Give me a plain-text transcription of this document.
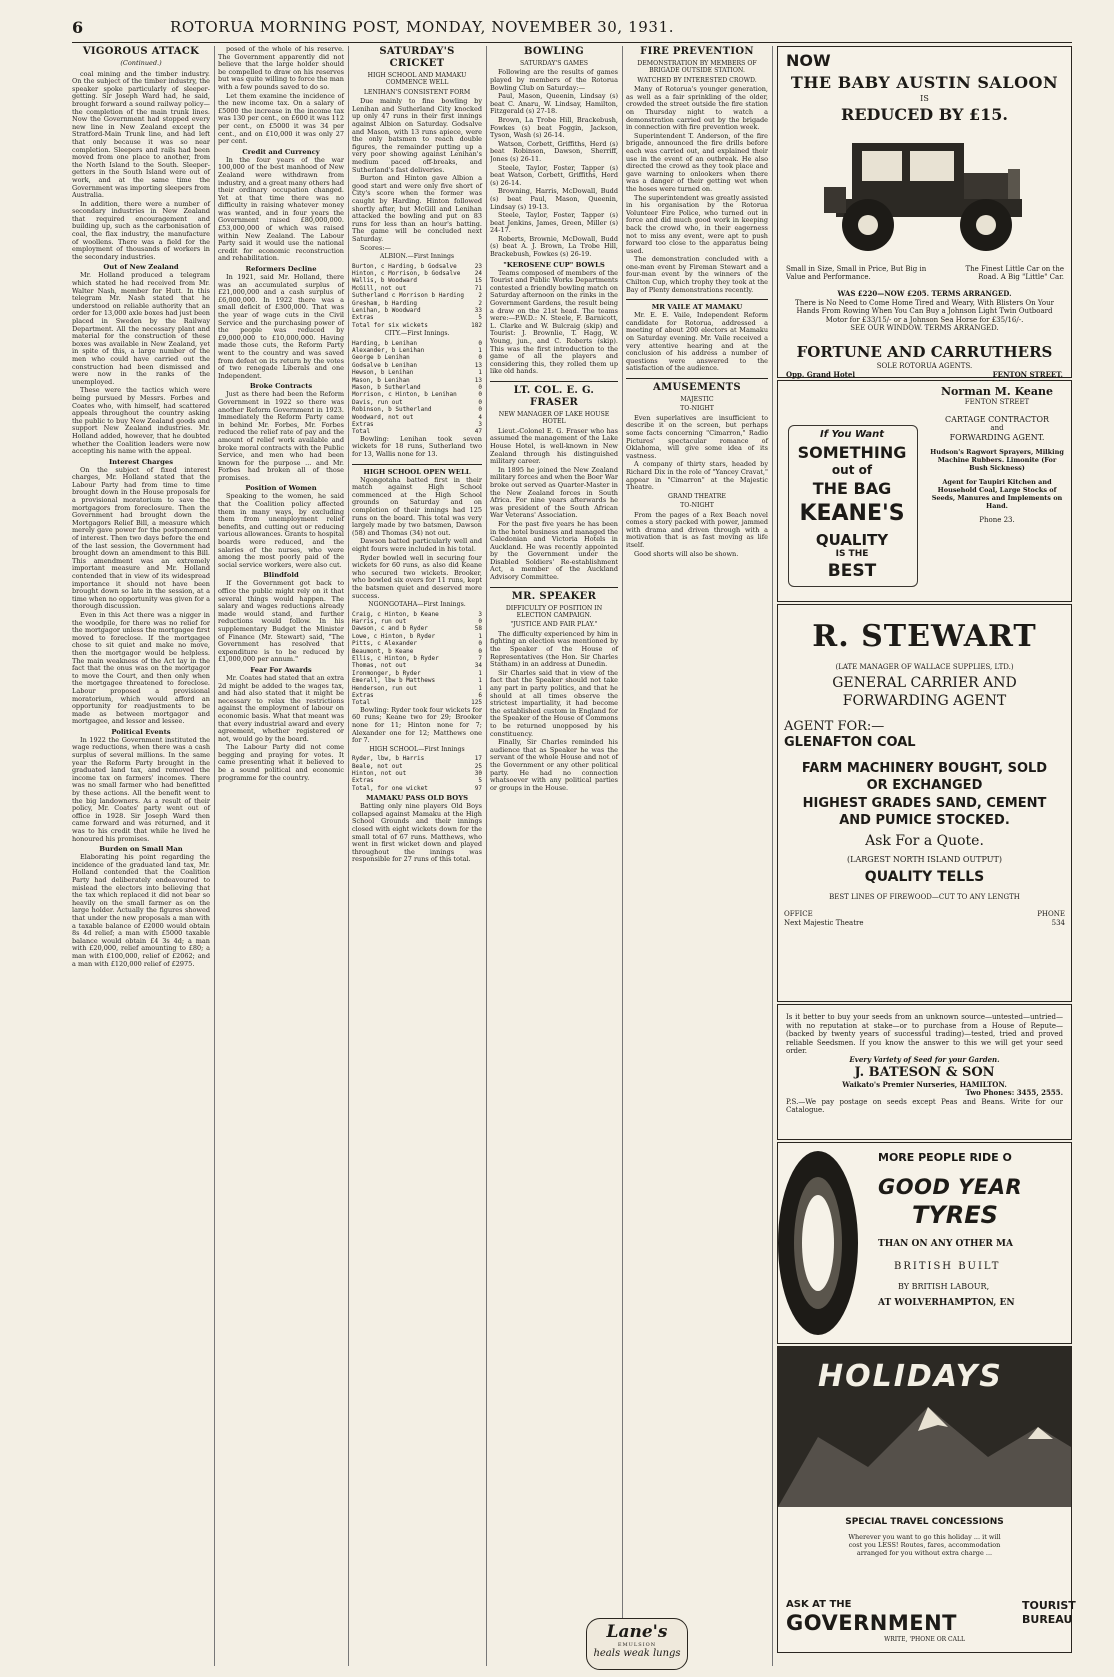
6	ROTORUA MORNING POST, MONDAY, NOVEMBER 30, 1931.
VIGOROUS ATTACK
(Continued.)

coal mining and the timber industry. On the subject of the timber industry, the speaker spoke particularly of sleeper-getting. Sir Joseph Ward had, he said, brought forward a sound railway policy—the completion of the main trunk lines. Now the Government had stopped every new line in New Zealand except the Stratford-Main Trunk line, and had left that only because it was so near completion. Sleepers and rails had been moved from one place to another, from the North Island to the South. Sleeper-getters in the South Island were out of work, and at the same time the Government was importing sleepers from Australia.

In addition, there were a number of secondary industries in New Zealand that required encouragement and building up, such as the carbonisation of coal, the flax industry, the manufacture of woollens. There was a field for the employment of thousands of workers in the secondary industries.

Out of New Zealand

Mr. Holland produced a telegram which stated he had received from Mr. Walter Nash, member for Hutt. In this telegram Mr. Nash stated that he understood on reliable authority that an order for 13,000 axle boxes had just been placed in Sweden by the Railway Department. All the necessary plant and material for the construction of these boxes was available in New Zealand, yet in spite of this, a large number of the men who could have carried out the construction had been dismissed and were now in the ranks of the unemployed.

These were the tactics which were being pursued by Messrs. Forbes and Coates who, with himself, had scattered appeals throughout the country asking the public to buy New Zealand goods and support New Zealand industries. Mr. Holland added, however, that he doubted whether the Coalition leaders were now accepting his name with the appeal.

Interest Charges

On the subject of fixed interest charges, Mr. Holland stated that the Labour Party had from time to time brought down in the House proposals for a provisional moratorium to save the mortgagors from foreclosure. Then the Government had brought down the Mortgagors Relief Bill, a measure which merely gave power for the postponement of interest. Then two days before the end of the last session, the Government had brought down an amendment to this Bill. This amendment was an extremely important measure and Mr. Holland contended that in view of its widespread importance it should not have been brought down so late in the session, at a time when no opportunity was given for a thorough discussion.

Even in this Act there was a nigger in the woodpile, for there was no relief for the mortgagor unless the mortgagee first moved to foreclose. If the mortgagee chose to sit quiet and make no move, then the mortgagor would be helpless. The main weakness of the Act lay in the fact that the onus was on the mortgagor to move the Court, and then only when the mortgagee threatened to foreclose. Labour proposed a provisional moratorium, which would afford an opportunity for readjustments to be made as between mortgagor and mortgagee, and lessor and lessee.

Political Events

In 1922 the Government instituted the wage reductions, when there was a cash surplus of several millions. In the same year the Reform Party brought in the graduated land tax, and removed the income tax on farmers' incomes. There was no small farmer who had benefitted by these actions. All the benefit went to the big landowners. As a result of their policy, Mr. Coates' party went out of office in 1928. Sir Joseph Ward then came forward and was returned, and it was to his credit that while he lived he honoured his promises.

Burden on Small Man

Elaborating his point regarding the incidence of the graduated land tax, Mr. Holland contended that the Coalition Party had deliberately endeavoured to mislead the electors into believing that the tax which replaced it did not bear so heavily on the small farmer as on the large holder. Actually the figures showed that under the new proposals a man with a taxable balance of £2000 would obtain 8s 4d relief; a man with £5000 taxable balance would obtain £4 3s 4d; a man with £20,000, relief amounting to £80; a man with £100,000, relief of £2062; and a man with £120,000 relief of £2975.

posed of the whole of his reserve. The Government apparently did not believe that the large holder should be compelled to draw on his reserves but was quite willing to force the man with a few pounds saved to do so.

Let them examine the incidence of the new income tax. On a salary of £5000 the increase in the income tax was 130 per cent., on £600 it was 112 per cent., on £5000 it was 34 per cent., and on £10,000 it was only 27 per cent.

Credit and Currency

In the four years of the war 100,000 of the best manhood of New Zealand were withdrawn from industry, and a great many others had their ordinary occupation changed. Yet at that time there was no difficulty in raising whatever money was wanted, and in four years the Government raised £80,000,000. £53,000,000 of which was raised within New Zealand. The Labour Party said it would use the national credit for economic reconstruction and rehabilitation.

Reformers Decline

In 1921, said Mr. Holland, there was an accumulated surplus of £21,000,000 and a cash surplus of £6,000,000. In 1922 there was a small deficit of £300,000. That was the year of wage cuts in the Civil Service and the purchasing power of the people was reduced by £9,000,000 to £10,000,000. Having made those cuts, the Reform Party went to the country and was saved from defeat on its return by the votes of two renegade Liberals and one Independent.

Broke Contracts

Just as there had been the Reform Government in 1922 so there was another Reform Government in 1923. Immediately the Reform Party came in behind Mr. Forbes, Mr. Forbes reduced the relief rate of pay and the amount of relief work available and broke moral contracts with the Public Service, and men who had been known for the purpose ... and Mr. Forbes had broken all of those promises.

Position of Women

Speaking to the women, he said that the Coalition policy affected them in many ways, by excluding them from unemployment relief benefits, and cutting out or reducing various allowances. Grants to hospital boards were reduced, and the salaries of the nurses, who were among the most poorly paid of the social service workers, were also cut.

Blindfold

If the Government got back to office the public might rely on it that several things would happen. The salary and wages reductions already made would stand, and further reductions would follow. In his supplementary Budget the Minister of Finance (Mr. Stewart) said, "The Government has resolved that expenditure is to be reduced by £1,000,000 per annum."

Fear For Awards

Mr. Coates had stated that an extra 2d might be added to the wages tax, and had also stated that it might be necessary to relax the restrictions against the employment of labour on economic basis. What that meant was that every industrial award and every agreement, whether registered or not, would go by the board.

The Labour Party did not come begging and praying for votes. It came presenting what it believed to be a sound political and economic programme for the country.

SATURDAY'S CRICKET
HIGH SCHOOL AND MAMAKU COMMENCE WELL
LENIHAN'S CONSISTENT FORM

Due mainly to fine bowling by Lenihan and Sutherland City knocked up only 47 runs in their first innings against Albion on Saturday. Godsalve and Mason, with 13 runs apiece, were the only batsmen to reach double figures, the remainder putting up a very poor showing against Lenihan's medium paced off-breaks, and Sutherland's fast deliveries.

Burton and Hinton gave Albion a good start and were only five short of City's score when the former was caught by Harding. Hinton followed shortly after, but McGill and Lenihan attacked the bowling and put on 83 runs for less than an hour's batting. The game will be concluded next Saturday.

Scores:—

ALBION.—First Innings
Burton, c Harding, b Godsalve	23
Hinton, c Morrison, b Godsalve 24
Wallis, b Woodward	15
McGill, not out	71
Sutherland c Morrison b Harding 2
Gresham, b Harding	2
Lenihan, b Woodward	33
Extras	5
Total for six wickets	182
CITY.—First Innings.
Harding, b Lenihan	0
Alexander, b Lenihan	1
George b Lenihan	0
Godsalve b Lenihan	13
Hewson, b Lenihan	1
Mason, b Lenihan	13
Mason, b Sutherland	0
Morrison, c Hinton, b Lenihan	0
Davis, run out	0
Robinson, b Sutherland	0
Woodward, not out	4
Extras	3
Total	47

Bowling: Lenihan took seven wickets for 18 runs, Sutherland two for 13, Wallis none for 13.

HIGH SCHOOL OPEN WELL

Ngongotaha batted first in their match against High School commenced at the High School grounds on Saturday and on completion of their innings had 125 runs on the board. This total was very largely made by two batsmen, Dawson (58) and Thomas (34) not out.

Dawson batted particularly well and eight fours were included in his total.

Ryder bowled well in securing four wickets for 60 runs, as also did Keane who secured two wickets. Brooker, who bowled six overs for 11 runs, kept the batsmen quiet and deserved more success.

NGONGOTAHA—First Innings.
Craig, c Hinton, b Keane	3
Harris, run out	0
Dawson, c and b Ryder	58
Lowe, c Hinton, b Ryder	1
Pitts, c Alexander	0
Beaumont, b Keane	0
Ellis, c Hinton, b Ryder	7
Thomas, not out	34
Ironmonger, b Ryder	1
Emerall, lbw b Matthews	1
Henderson, run out	1
Extras	6
Total	125

Bowling: Ryder took four wickets for 60 runs; Keane two for 29; Brooker none for 11; Hinton none for 7; Alexander one for 12; Matthews one for 7.

HIGH SCHOOL—First Innings
Ryder, lbw, b Harris	17
Beale, not out	25
Hinton, not out	30
Extras	5
Total, for one wicket	97
MAMAKU PASS OLD BOYS

Batting only nine players Old Boys collapsed against Mamaku at the High School Grounds and their innings closed with eight wickets down for the small total of 67 runs. Matthews, who went in first wicket down and played throughout the innings was responsible for 27 runs of this total.

BOWLING
SATURDAY'S GAMES

Following are the results of games played by members of the Rotorua Bowling Club on Saturday:—

Paul, Mason, Queenin, Lindsay (s) beat C. Anaru, W. Lindsay, Hamilton, Fitzgerald (s) 27-18.

Brown, La Trobe Hill, Brackebush, Fowkes (s) beat Foggin, Jackson, Tyson, Wash (s) 26-14.

Watson, Corbett, Griffiths, Herd (s) beat Robinson, Dawson, Sherriff, Jones (s) 26-11.

Steele, Taylor, Foster, Tapper (s) beat Watson, Corbett, Griffiths, Herd (s) 26-14.

Browning, Harris, McDowall, Budd (s) beat Paul, Mason, Queenin, Lindsay (s) 19-13.

Steele, Taylor, Foster, Tapper (s) beat Jenkins, James, Green, Miller (s) 24-17.

Roberts, Brownie, McDowall, Budd (s) beat A. J. Brown, La Trobe Hill, Brackebush, Fowkes (s) 26-19.

"KEROSENE CUP" BOWLS

Teams composed of members of the Tourist and Public Works Departments contested a friendly bowling match on Saturday afternoon on the rinks in the Government Gardens, the result being a draw on the 21st head. The teams were:—P.W.D.: N. Steele, F. Barnicott, L. Clarke and W. Bulcraig (skip) and Tourist: J. Brownlie, T. Hagg, W. Young, jun., and C. Roberts (skip). This was the first introduction to the game of all the players and considering this, they rolled them up like old hands.

LT. COL. E. G. FRASER
NEW MANAGER OF LAKE HOUSE HOTEL

Lieut.-Colonel E. G. Fraser who has assumed the management of the Lake House Hotel, is well-known in New Zealand through his distinguished military career.

In 1895 he joined the New Zealand military forces and when the Boer War broke out served as Quarter-Master in the New Zealand forces in South Africa. For nine years afterwards he was president of the South African War Veterans' Association.

For the past five years he has been in the hotel business and managed the Caledonian and Victoria Hotels in Auckland. He was recently appointed by the Government under the Disabled Soldiers' Re-establishment Act, a member of the Auckland Advisory Committee.

MR. SPEAKER
DIFFICULTY OF POSITION IN ELECTION CAMPAIGN.
"JUSTICE AND FAIR PLAY."

The difficulty experienced by him in fighting an election was mentioned by the Speaker of the House of Representatives (the Hon. Sir Charles Statham) in an address at Dunedin.

Sir Charles said that in view of the fact that the Speaker should not take any part in party politics, and that he should at all times observe the strictest impartiality, it had become the established custom in England for the Speaker of the House of Commons to be returned unopposed by his constituency.

Finally, Sir Charles reminded his audience that as Speaker he was the servant of the whole House and not of the Government or any other political party. He had no connection whatsoever with any political parties or groups in the House.

FIRE PREVENTION
DEMONSTRATION BY MEMBERS OF BRIGADE OUTSIDE STATION.
WATCHED BY INTERESTED CROWD.

Many of Rotorua's younger generation, as well as a fair sprinkling of the older, crowded the street outside the fire station on Thursday night to watch a demonstration carried out by the brigade in connection with fire prevention week.

Superintendent T. Anderson, of the fire brigade, announced the fire drills before each was carried out, and explained their use in the event of an outbreak. He also directed the crowd as they took place and gave warning to onlookers when there was a danger of their getting wet when the hoses were turned on.

The superintendent was greatly assisted in his organisation by the Rotorua Volunteer Fire Police, who turned out in force and did much good work in keeping back the crowd who, in their eagerness not to miss any event, were apt to push forward too close to the apparatus being used.

The demonstration concluded with a one-man event by Fireman Stewart and a four-man event by the winners of the Chilton Cup, which trophy they took at the Bay of Plenty demonstrations recently.

MR VAILE AT MAMAKU

Mr. E. E. Vaile, Independent Reform candidate for Rotorua, addressed a meeting of about 200 electors at Mamaku on Saturday evening. Mr. Vaile received a very attentive hearing and at the conclusion of his address a number of questions were answered to the satisfaction of the audience.

AMUSEMENTS
MAJESTIC
TO-NIGHT

Even superlatives are insufficient to describe it on the screen, but perhaps some facts concerning "Cimarron," Radio Pictures' spectacular romance of Oklahoma, will give some idea of its vastness.

A company of thirty stars, headed by Richard Dix in the role of "Yancey Cravat," appear in "Cimarron" at the Majestic Theatre.

GRAND THEATRE
TO-NIGHT

From the pages of a Rex Beach novel comes a story packed with power, jammed with drama and driven through with a motivation that is as fast moving as life itself.

Good shorts will also be shown.

NOW
THE BABY AUSTIN SALOON
IS
REDUCED BY £15.
Small in Size, Small in Price, But Big in Value and Performance.
The Finest Little Car on the Road. A Big "Little" Car.
WAS £220—NOW £205. TERMS ARRANGED.
There is No Need to Come Home Tired and Weary, With Blisters On Your Hands From Rowing When You Can Buy a Johnson Light Twin Outboard Motor for £33/15/- or a Johnson Sea Horse for £35/16/-.
SEE OUR WINDOW. TERMS ARRANGED.
FORTUNE AND CARRUTHERS
SOLE ROTORUA AGENTS.
Opp. Grand Hotel	FENTON STREET.
If You Want
SOMETHING
out of
THE BAG
KEANE'S
QUALITY
IS THE
BEST
Norman M. Keane
FENTON STREET
CARTAGE CONTRACTOR
and
FORWARDING AGENT.
Hudson's Ragwort Sprayers, Milking Machine Rubbers. Limonite (For Bush Sickness)
Agent for Taupiri Kitchen and Household Coal, Large Stocks of Seeds, Manures and Implements on Hand.
Phone 23.
R. STEWART
(LATE MANAGER OF WALLACE SUPPLIES, LTD.)
GENERAL CARRIER AND
FORWARDING AGENT
AGENT FOR:—
GLENAFTON COAL
FARM MACHINERY BOUGHT, SOLD
OR EXCHANGED
HIGHEST GRADES SAND, CEMENT
AND PUMICE STOCKED.
Ask For a Quote.
(LARGEST NORTH ISLAND OUTPUT)
QUALITY TELLS
BEST LINES OF FIREWOOD—CUT TO ANY LENGTH
OFFICE	PHONE
Next Majestic Theatre	534

Is it better to buy your seeds from an unknown source—untested—untried—with no reputation at stake—or to purchase from a House of Repute—(backed by twenty years of successful trading)—tested, tried and proved reliable Seedsmen. If you know the answer to this we will get your seed order.

Every Variety of Seed for your Garden.

J. BATESON & SON

Waikato's Premier Nurseries, HAMILTON.

Two Phones: 3455, 2555.

P.S.—We pay postage on seeds except Peas and Beans. Write for our Catalogue.

MORE PEOPLE RIDE O
GOOD YEAR
TYRES
THAN ON ANY OTHER MA
BRITISH BUILT
BY BRITISH LABOUR,
AT WOLVERHAMPTON, EN
HOLIDAYS
SPECIAL TRAVEL CONCESSIONS
Wherever you want to go this holiday ... it will
cost you LESS! Routes, fares, accommodation
arranged for you without extra charge ...
ASK AT THE
GOVERNMENT
TOURIST
BUREAU
WRITE, 'PHONE OR CALL
Lane's
EMULSION
heals weak lungs
